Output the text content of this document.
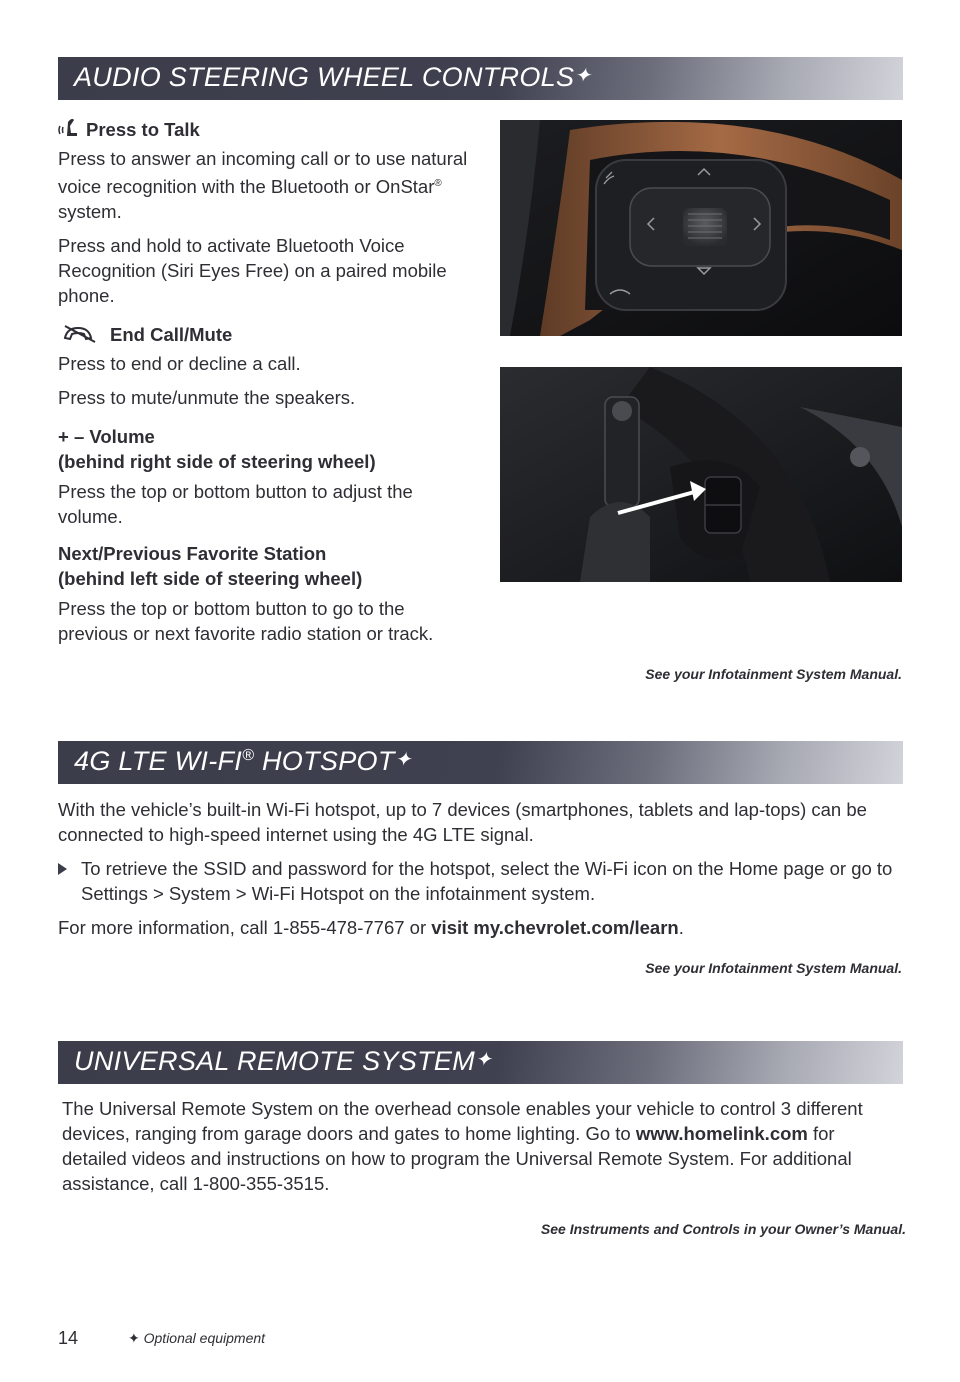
AUDIO STEERING WHEEL CONTROLS✦

Press to Talk

Press to answer an incoming call or to use natural voice recognition with the Bluetooth or OnStar® system.

Press and hold to activate Bluetooth Voice Recognition (Siri Eyes Free) on a paired mobile phone.

End Call/Mute

Press to end or decline a call.

Press to mute/unmute the speakers.

+ – Volume

(behind right side of steering wheel)

Press the top or bottom button to adjust the volume.

Next/Previous Favorite Station

(behind left side of steering wheel)

Press the top or bottom button to go to the previous or next favorite radio station or track.

See your Infotainment System Manual.
4G LTE WI-FI® HOTSPOT✦

With the vehicle’s built-in Wi-Fi hotspot, up to 7 devices (smartphones, tablets and lap-tops) can be connected to high-speed internet using the 4G LTE signal.

To retrieve the SSID and password for the hotspot, select the Wi-Fi icon on the Home page or go to Settings > System > Wi-Fi Hotspot on the infotainment system.

For more information, call 1-855-478-7767 or visit my.chevrolet.com/learn.

See your Infotainment System Manual.
UNIVERSAL REMOTE SYSTEM✦

The Universal Remote System on the overhead console enables your vehicle to control 3 different devices, ranging from garage doors and gates to home lighting. Go to www.homelink.com for detailed videos and instructions on how to program the Universal Remote System. For additional assistance, call 1-800-355-3515.

See Instruments and Controls in your Owner’s Manual.
14	✦ Optional equipment
